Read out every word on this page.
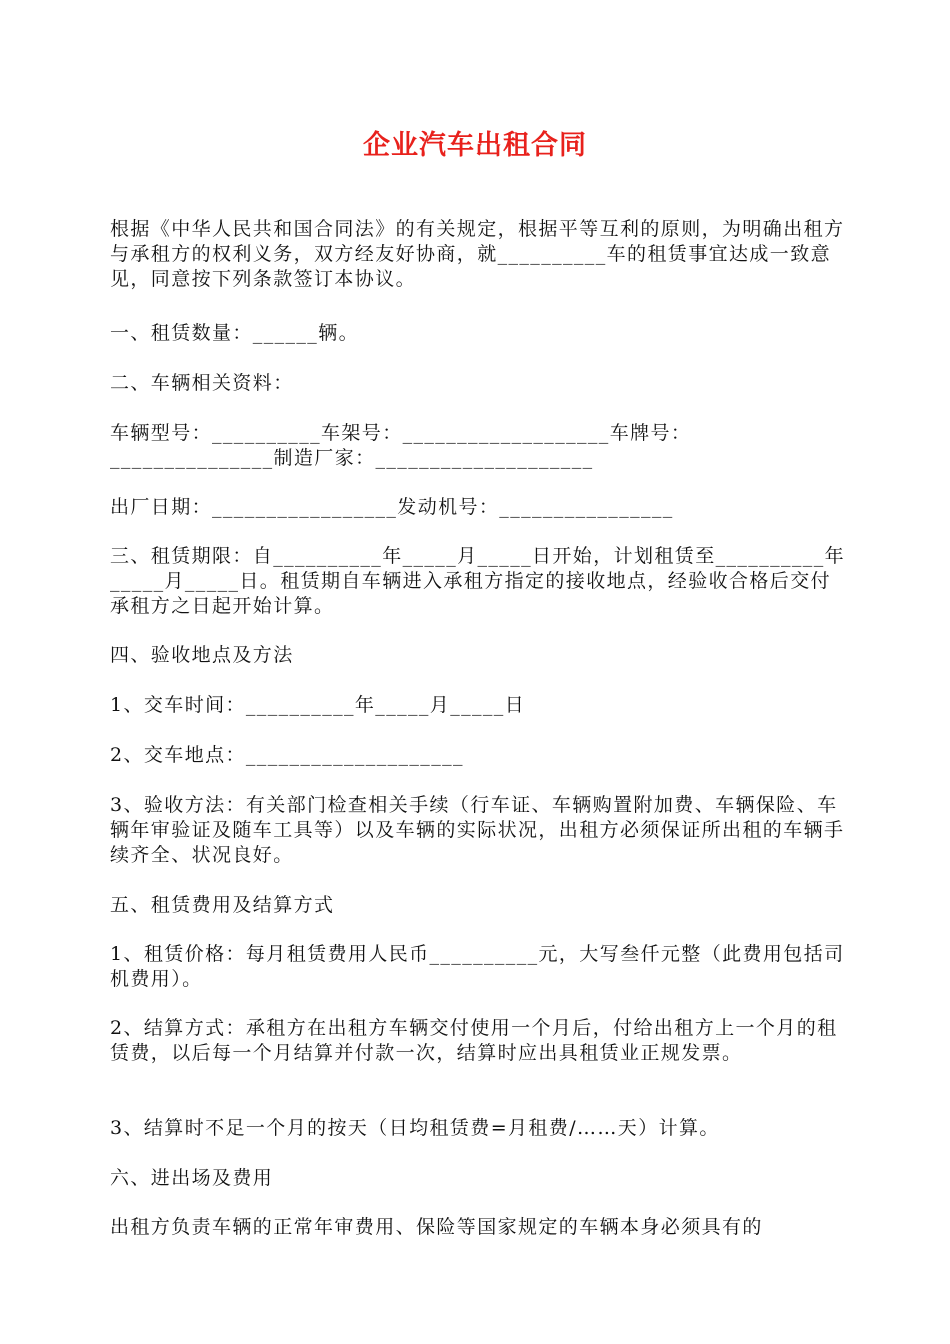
企业汽车出租合同

根据《中华人民共和国合同法》的有关规定，根据平等互利的原则，为明确出租方与承租方的权利义务，双方经友好协商，就__________车的租赁事宜达成一致意见，同意按下列条款签订本协议。

一、租赁数量：______辆。

二、车辆相关资料：

车辆型号：__________车架号：___________________车牌号：_______________制造厂家：____________________

出厂日期：_________________发动机号：________________

三、租赁期限：自__________年_____月_____日开始，计划租赁至__________年_____月_____日。租赁期自车辆进入承租方指定的接收地点，经验收合格后交付承租方之日起开始计算。

四、验收地点及方法

1、交车时间：__________年_____月_____日

2、交车地点：____________________

3、验收方法：有关部门检查相关手续（行车证、车辆购置附加费、车辆保险、车辆年审验证及随车工具等）以及车辆的实际状况，出租方必须保证所出租的车辆手续齐全、状况良好。

五、租赁费用及结算方式

1、租赁价格：每月租赁费用人民币__________元，大写叁仟元整（此费用包括司机费用）。

2、结算方式：承租方在出租方车辆交付使用一个月后，付给出租方上一个月的租赁费，以后每一个月结算并付款一次，结算时应出具租赁业正规发票。

3、结算时不足一个月的按天（日均租赁费=月租费/……天）计算。

六、进出场及费用

出租方负责车辆的正常年审费用、保险等国家规定的车辆本身必须具有的
